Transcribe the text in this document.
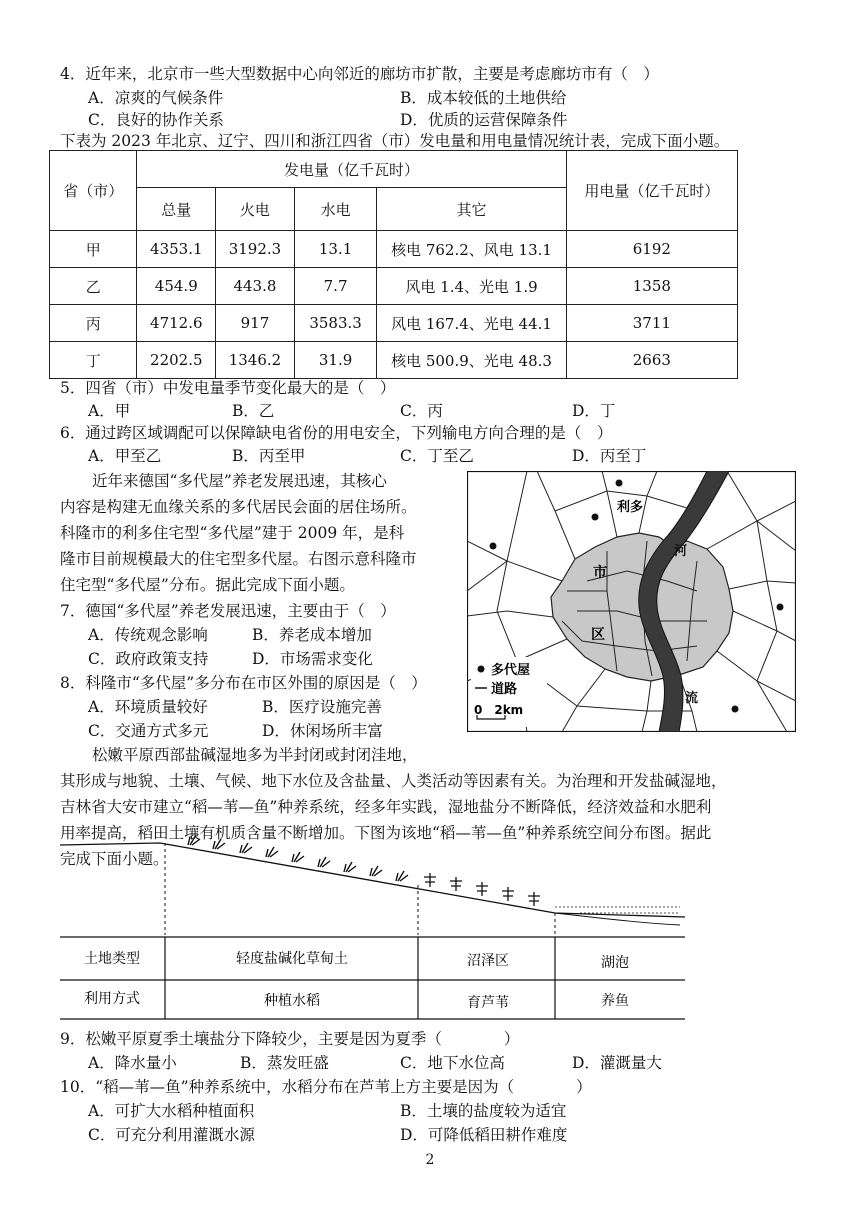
4．近年来，北京市一些大型数据中心向邻近的廊坊市扩散，主要是考虑廊坊市有（　）
A．凉爽的气候条件	B．成本较低的土地供给
C．良好的协作关系	D．优质的运营保障条件
下表为 2023 年北京、辽宁、四川和浙江四省（市）发电量和用电量情况统计表，完成下面小题。
省（市）	发电量（亿千瓦时）				用电量（亿千瓦时）
	总量	火电	水电	其它	
甲	4353.1	3192.3	13.1	核电 762.2、风电 13.1	6192
乙	454.9	443.8	7.7	风电 1.4、光电 1.9	1358
丙	4712.6	917	3583.3	风电 167.4、光电 44.1	3711
丁	2202.5	1346.2	31.9	核电 500.9、光电 48.3	2663
5．四省（市）中发电量季节变化最大的是（　）
A．甲	B．乙	C．丙	D．丁
6．通过跨区域调配可以保障缺电省份的用电安全，下列输电方向合理的是（　）
A．甲至乙	B．丙至甲	C．丁至乙	D．丙至丁
近年来德国“多代屋”养老发展迅速，其核心
内容是构建无血缘关系的多代居民会面的居住场所。
科隆市的利多住宅型“多代屋”建于 2009 年，是科
隆市目前规模最大的住宅型多代屋。右图示意科隆市
住宅型“多代屋”分布。据此完成下面小题。
7．德国“多代屋”养老发展迅速，主要由于（　）
A．传统观念影响	B．养老成本增加
C．政府政策支持	D．市场需求变化
8．科隆市“多代屋”多分布在市区外围的原因是（　）
A．环境质量较好	B．医疗设施完善
C．交通方式多元	D．休闲场所丰富
利多
河
市
区
流
多代屋
道路
0　2km
松嫩平原西部盐碱湿地多为半封闭或封闭洼地，
其形成与地貌、土壤、气候、地下水位及含盐量、人类活动等因素有关。为治理和开发盐碱湿地，
吉林省大安市建立“稻—苇—鱼”种养系统，经多年实践，湿地盐分不断降低，经济效益和水肥利
用率提高，稻田土壤有机质含量不断增加。下图为该地“稻—苇—鱼”种养系统空间分布图。据此
完成下面小题。
土地类型	轻度盐碱化草甸土	沼泽区	湖泡
利用方式	种植水稻	育芦苇	养鱼
9．松嫩平原夏季土壤盐分下降较少，主要是因为夏季（　　　　）
A．降水量小	B．蒸发旺盛	C．地下水位高	D．灌溉量大
10．“稻—苇—鱼”种养系统中，水稻分布在芦苇上方主要是因为（　　　　）
A．可扩大水稻种植面积	B．土壤的盐度较为适宜
C．可充分利用灌溉水源	D．可降低稻田耕作难度
2
